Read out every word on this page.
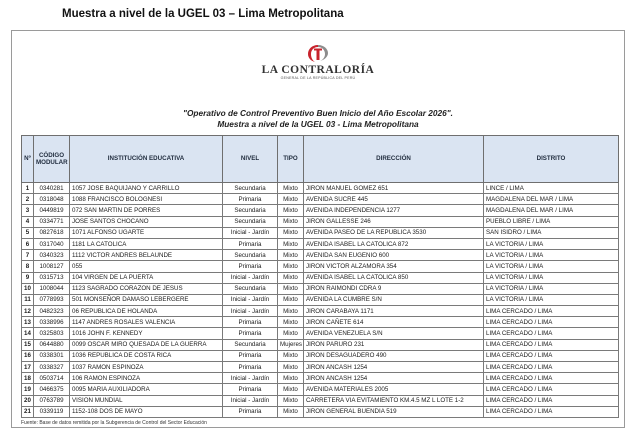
Muestra a nivel de la UGEL 03 – Lima Metropolitana
LA CONTRALORÍA
GENERAL DE LA REPÚBLICA DEL PERÚ
"Operativo de Control Preventivo Buen Inicio del Año Escolar 2026".
Muestra a nivel de la UGEL 03 - Lima Metropolitana
Nº	CÓDIGO MODULAR	INSTITUCIÓN EDUCATIVA	NIVEL	TIPO	DIRECCIÓN	DISTRITO
1	0340281	1057 JOSE BAQUIJANO Y CARRILLO	Secundaria	Mixto	JIRON MANUEL GOMEZ 651	LINCE / LIMA
2	0318048	1088 FRANCISCO BOLOGNESI	Primaria	Mixto	AVENIDA SUCRE 445	MAGDALENA DEL MAR / LIMA
3	0449819	072 SAN MARTIN DE PORRES	Secundaria	Mixto	AVENIDA INDEPENDENCIA 1277	MAGDALENA DEL MAR / LIMA
4	0334771	JOSE SANTOS CHOCANO	Secundaria	Mixto	JIRON GALLESSE 246	PUEBLO LIBRE / LIMA
5	0827618	1071 ALFONSO UGARTE	Inicial - Jardín	Mixto	AVENIDA PASEO DE LA REPUBLICA 3530	SAN ISIDRO / LIMA
6	0317040	1181 LA CATOLICA	Primaria	Mixto	AVENIDA ISABEL LA CATOLICA 872	LA VICTORIA / LIMA
7	0340323	1112 VICTOR ANDRES BELAUNDE	Secundaria	Mixto	AVENIDA SAN EUGENIO 600	LA VICTORIA / LIMA
8	1008127	055	Primaria	Mixto	JIRON VICTOR ALZAMORA 354	LA VICTORIA / LIMA
9	0315713	104 VIRGEN DE LA PUERTA	Inicial - Jardín	Mixto	AVENIDA ISABEL LA CATOLICA 850	LA VICTORIA / LIMA
10	1008044	1123 SAGRADO CORAZON DE JESUS	Secundaria	Mixto	JIRON RAIMONDI CDRA 9	LA VICTORIA / LIMA
11	0778993	501 MONSEÑOR DAMASO LEBERGERE	Inicial - Jardín	Mixto	AVENIDA LA CUMBRE S/N	LA VICTORIA / LIMA
12	0482323	06 REPUBLICA DE HOLANDA	Inicial - Jardín	Mixto	JIRON CARABAYA 1171	LIMA CERCADO / LIMA
13	0338996	1147 ANDRES ROSALES VALENCIA	Primaria	Mixto	JIRON CAÑETE 614	LIMA CERCADO / LIMA
14	0325803	1016 JOHN F. KENNEDY	Primaria	Mixto	AVENIDA VENEZUELA S/N	LIMA CERCADO / LIMA
15	0644880	0099 OSCAR MIRO QUESADA DE LA GUERRA	Secundaria	Mujeres	JIRON PARURO 231	LIMA CERCADO / LIMA
16	0338301	1036 REPUBLICA DE COSTA RICA	Primaria	Mixto	JIRON DESAGUADERO 490	LIMA CERCADO / LIMA
17	0338327	1037 RAMON ESPINOZA	Primaria	Mixto	JIRON ANCASH 1254	LIMA CERCADO / LIMA
18	0503714	106 RAMON ESPINOZA	Inicial - Jardín	Mixto	JIRON ANCASH 1254	LIMA CERCADO / LIMA
19	0466375	0095 MARIA AUXILIADORA	Primaria	Mixto	AVENIDA MATERIALES 2005	LIMA CERCADO / LIMA
20	0763789	VISION MUNDIAL	Inicial - Jardín	Mixto	CARRETERA VIA EVITAMIENTO KM.4.5 MZ L LOTE 1-2	LIMA CERCADO / LIMA
21	0339119	1152-108 DOS DE MAYO	Primaria	Mixto	JIRON GENERAL BUENDIA 519	LIMA CERCADO / LIMA
Fuente: Base de datos remitida por la Subgerencia de Control del Sector Educación
